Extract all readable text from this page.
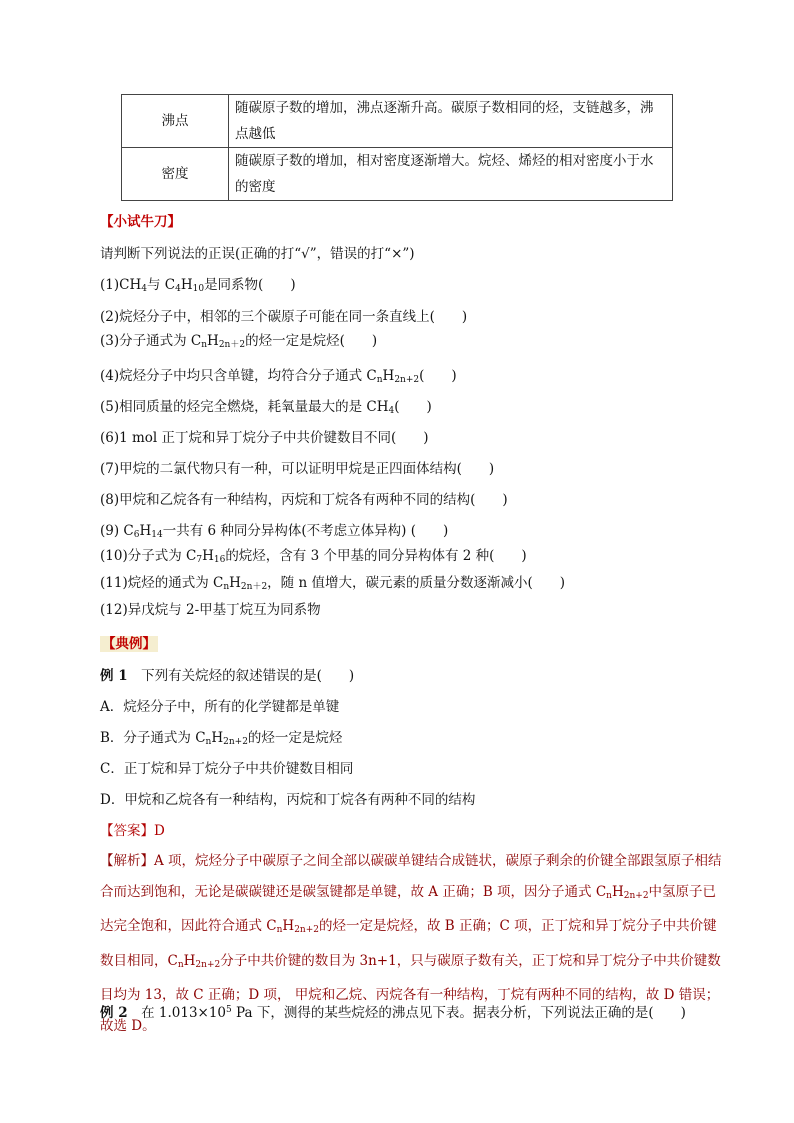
沸点	随碳原子数的增加，沸点逐渐升高。碳原子数相同的烃，支链越多，沸点越低
密度	随碳原子数的增加，相对密度逐渐增大。烷烃、烯烃的相对密度小于水的密度
【小试牛刀】
请判断下列说法的正误(正确的打“√”，错误的打“×”)
$(1)CH_4$与 $C_4H_{10}$是同系物(　　)
(2)烷烃分子中，相邻的三个碳原子可能在同一条直线上(　　)
(3)分子通式为 $C_nH_{2n+2}$的烃一定是烷烃(　　)
(4)烷烃分子中均只含单键，均符合分子通式 $C_nH_{2n+2}$(　　)
(5)相同质量的烃完全燃烧，耗氧量最大的是 $CH_4$(　　)
(6)1 mol 正丁烷和异丁烷分子中共价键数目不同(　　)
(7)甲烷的二氯代物只有一种，可以证明甲烷是正四面体结构(　　)
(8)甲烷和乙烷各有一种结构，丙烷和丁烷各有两种不同的结构(　　)
(9) $C_6H_{14}$一共有 6 种同分异构体(不考虑立体异构) (　　)
(10)分子式为 $C_7H_{16}$的烷烃，含有 3 个甲基的同分异构体有 2 种(　　)
(11)烷烃的通式为 $C_nH_{2n+2}$，随 n 值增大，碳元素的质量分数逐渐减小(　　)
(12)异戊烷与 2-甲基丁烷互为同系物
【典例】
例 1　 下列有关烷烃的叙述错误的是(　　)
A．烷烃分子中，所有的化学键都是单键
B．分子通式为 $C_nH_{2n+2}$的烃一定是烷烃
C．正丁烷和异丁烷分子中共价键数目相同
D．甲烷和乙烷各有一种结构，丙烷和丁烷各有两种不同的结构
【答案】D
【解析】A 项，烷烃分子中碳原子之间全部以碳碳单键结合成链状，碳原子剩余的价键全部跟氢原子相结合而达到饱和，无论是碳碳键还是碳氢键都是单键，故 A 正确；B 项，因分子通式 $C_nH_{2n+2}$中氢原子已达完全饱和，因此符合通式 $C_nH_{2n+2}$的烃一定是烷烃，故 B 正确；C 项，正丁烷和异丁烷分子中共价键数目相同，$C_nH_{2n+2}$分子中共价键的数目为 3n+1，只与碳原子数有关，正丁烷和异丁烷分子中共价键数目均为 13，故 C 正确；D 项， 甲烷和乙烷、丙烷各有一种结构，丁烷有两种不同的结构，故 D 错误；故选 D。
例 2　 在 $1.013\times 10^5$ Pa 下，测得的某些烷烃的沸点见下表。据表分析，下列说法正确的是(　　)
